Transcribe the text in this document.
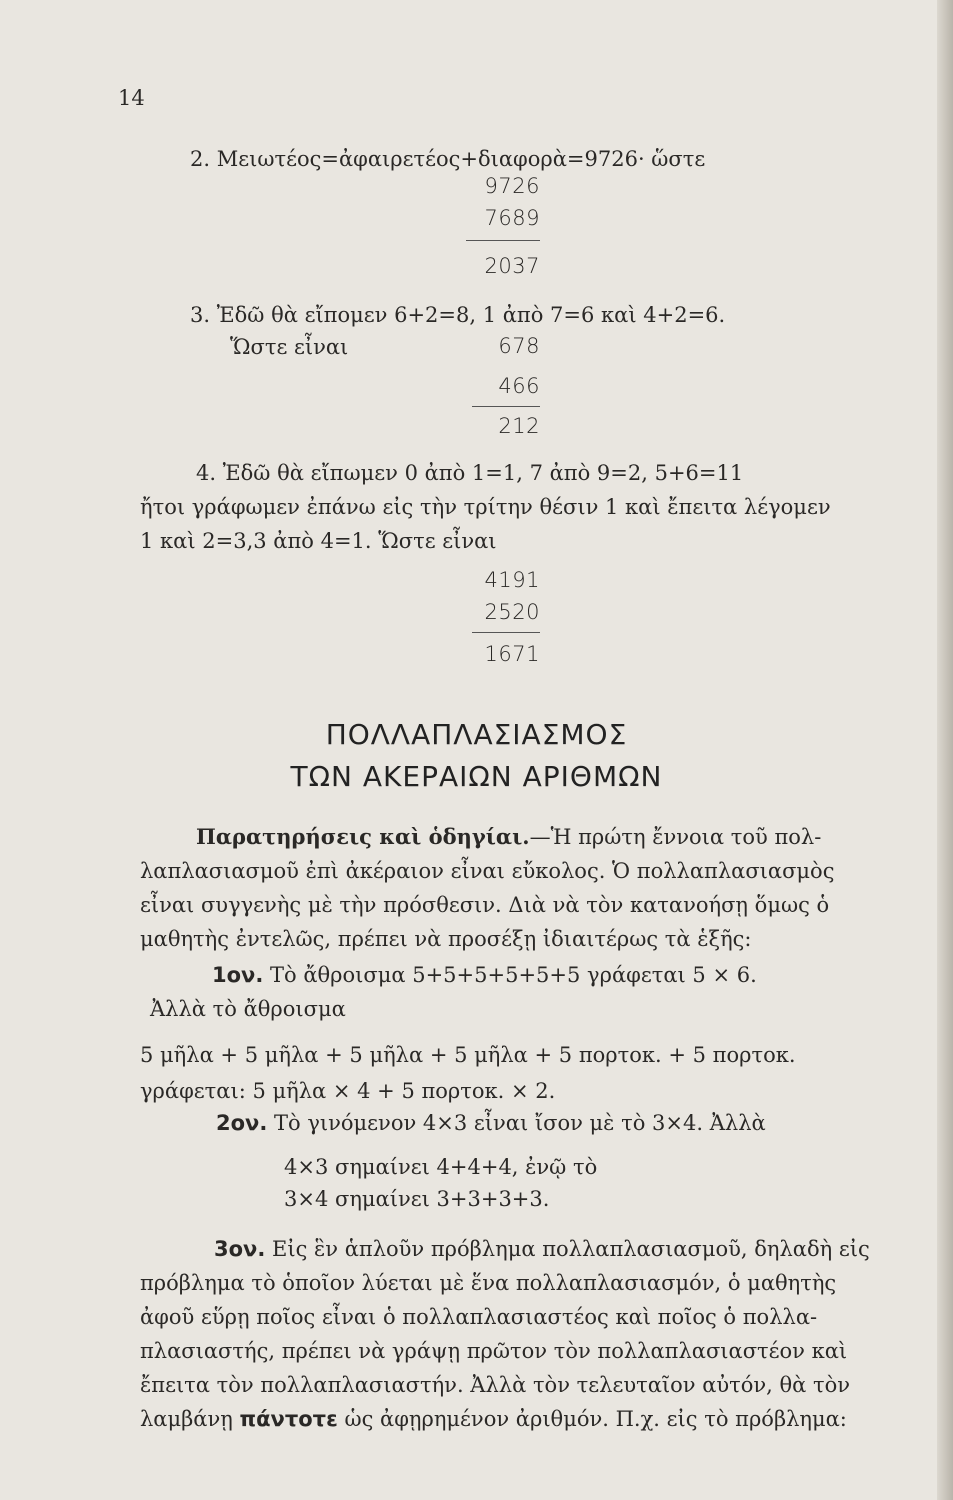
14
2. Μειωτέος=ἀφαιρετέος+διαφορὰ=9726· ὥστε
9726
7689
2037
3. Ἐδῶ θὰ εἴπομεν 6+2=8, 1 ἀπὸ 7=6 καὶ 4+2=6.
Ὥστε εἶναι	678
466
212
4. Ἐδῶ θὰ εἴπωμεν 0 ἀπὸ 1=1, 7 ἀπὸ 9=2, 5+6=11
ἤτοι γράφωμεν ἐπάνω εἰς τὴν τρίτην θέσιν 1 καὶ ἔπειτα λέγομεν
1 καὶ 2=3,3 ἀπὸ 4=1. Ὥστε εἶναι
4191
2520
1671
ΠΟΛΛΑΠΛΑΣΙΑΣΜΟΣ
ΤΩΝ ΑΚΕΡΑΙΩΝ ΑΡΙΘΜΩΝ
Παρατηρήσεις καὶ ὁδηγίαι.—Ἡ πρώτη ἔννοια τοῦ πολ-
λαπλασιασμοῦ ἐπὶ ἀκέραιον εἶναι εὔκολος. Ὁ πολλαπλασιασμὸς
εἶναι συγγενὴς μὲ τὴν πρόσθεσιν. Διὰ νὰ τὸν κατανοήσῃ ὅμως ὁ
μαθητὴς ἐντελῶς, πρέπει νὰ προσέξῃ ἰδιαιτέρως τὰ ἑξῆς:
1ον. Τὸ ἄθροισμα 5+5+5+5+5+5 γράφεται 5 × 6.
Ἀλλὰ τὸ ἄθροισμα
5 μῆλα + 5 μῆλα + 5 μῆλα + 5 μῆλα + 5 πορτοκ. + 5 πορτοκ.
γράφεται: 5 μῆλα × 4 + 5 πορτοκ. × 2.
2ον. Τὸ γινόμενον 4×3 εἶναι ἴσον μὲ τὸ 3×4. Ἀλλὰ
4×3 σημαίνει 4+4+4, ἐνῷ τὸ
3×4 σημαίνει 3+3+3+3.
3ον. Εἰς ἓν ἁπλοῦν πρόβλημα πολλαπλασιασμοῦ, δηλαδὴ εἰς
πρόβλημα τὸ ὁποῖον λύεται μὲ ἕνα πολλαπλασιασμόν, ὁ μαθητὴς
ἀφοῦ εὕρῃ ποῖος εἶναι ὁ πολλαπλασιαστέος καὶ ποῖος ὁ πολλα-
πλασιαστής, πρέπει νὰ γράψῃ πρῶτον τὸν πολλαπλασιαστέον καὶ
ἔπειτα τὸν πολλαπλασιαστήν. Ἀλλὰ τὸν τελευταῖον αὐτόν, θὰ τὸν
λαμβάνῃ πάντοτε ὡς ἀφῃρημένον ἀριθμόν. Π.χ. εἰς τὸ πρόβλημα:
